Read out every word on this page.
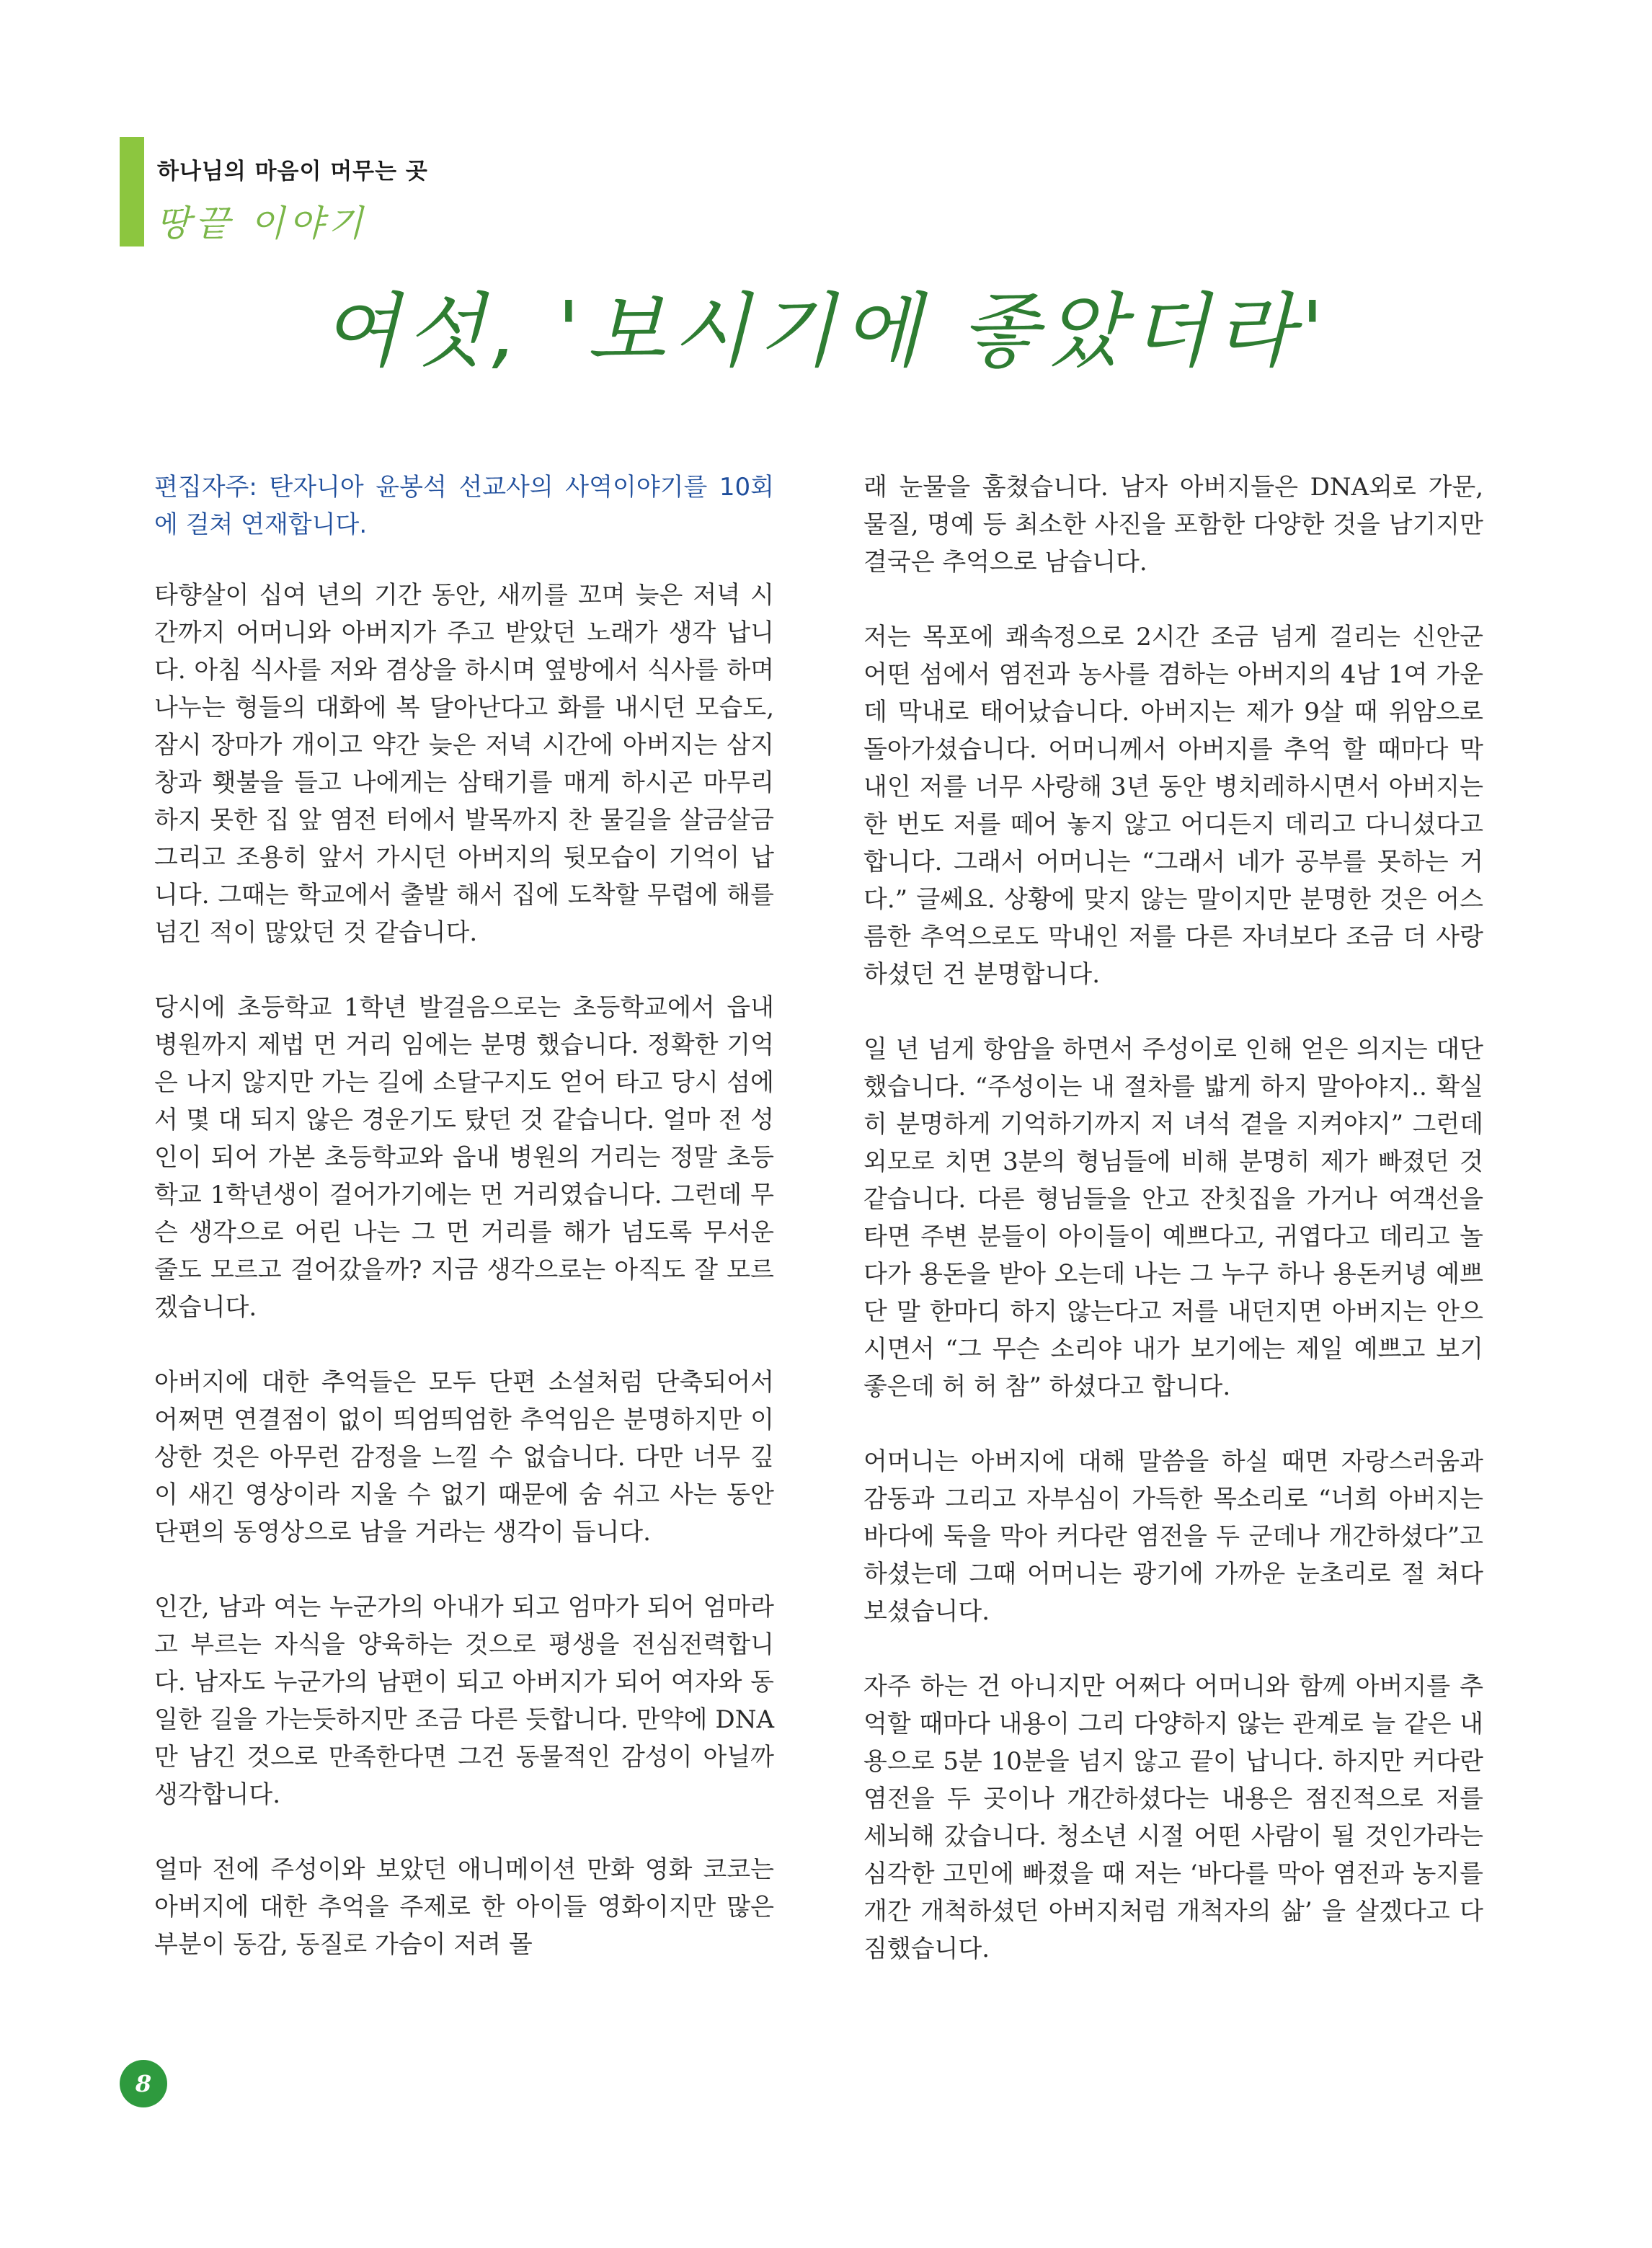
하나님의 마음이 머무는 곳
땅끝 이야기
여섯, '보시기에 좋았더라'

편집자주: 탄자니아 윤봉석 선교사의 사역이야기를 10회에 걸쳐 연재합니다.

타향살이 십여 년의 기간 동안, 새끼를 꼬며 늦은 저녁 시간까지 어머니와 아버지가 주고 받았던 노래가 생각 납니다. 아침 식사를 저와 겸상을 하시며 옆방에서 식사를 하며 나누는 형들의 대화에 복 달아난다고 화를 내시던 모습도, 잠시 장마가 개이고 약간 늦은 저녁 시간에 아버지는 삼지창과 횃불을 들고 나에게는 삼태기를 매게 하시곤 마무리하지 못한 집 앞 염전 터에서 발목까지 찬 물길을 살금살금 그리고 조용히 앞서 가시던 아버지의 뒷모습이 기억이 납니다. 그때는 학교에서 출발 해서 집에 도착할 무렵에 해를 넘긴 적이 많았던 것 같습니다.

당시에 초등학교 1학년 발걸음으로는 초등학교에서 읍내 병원까지 제법 먼 거리 임에는 분명 했습니다. 정확한 기억은 나지 않지만 가는 길에 소달구지도 얻어 타고 당시 섬에서 몇 대 되지 않은 경운기도 탔던 것 같습니다. 얼마 전 성인이 되어 가본 초등학교와 읍내 병원의 거리는 정말 초등학교 1학년생이 걸어가기에는 먼 거리였습니다. 그런데 무슨 생각으로 어린 나는 그 먼 거리를 해가 넘도록 무서운 줄도 모르고 걸어갔을까? 지금 생각으로는 아직도 잘 모르겠습니다.

아버지에 대한 추억들은 모두 단편 소설처럼 단축되어서 어쩌면 연결점이 없이 띄엄띄엄한 추억임은 분명하지만 이상한 것은 아무런 감정을 느낄 수 없습니다. 다만 너무 깊이 새긴 영상이라 지울 수 없기 때문에 숨 쉬고 사는 동안 단편의 동영상으로 남을 거라는 생각이 듭니다.

인간, 남과 여는 누군가의 아내가 되고 엄마가 되어 엄마라고 부르는 자식을 양육하는 것으로 평생을 전심전력합니다. 남자도 누군가의 남편이 되고 아버지가 되어 여자와 동일한 길을 가는듯하지만 조금 다른 듯합니다. 만약에 DNA만 남긴 것으로 만족한다면 그건 동물적인 감성이 아닐까 생각합니다.

얼마 전에 주성이와 보았던 애니메이션 만화 영화 코코는 아버지에 대한 추억을 주제로 한 아이들 영화이지만 많은 부분이 동감, 동질로 가슴이 저려 몰

래 눈물을 훔쳤습니다. 남자 아버지들은 DNA외로 가문, 물질, 명예 등 최소한 사진을 포함한 다양한 것을 남기지만 결국은 추억으로 남습니다.

저는 목포에 쾌속정으로 2시간 조금 넘게 걸리는 신안군 어떤 섬에서 염전과 농사를 겸하는 아버지의 4남 1여 가운데 막내로 태어났습니다. 아버지는 제가 9살 때 위암으로 돌아가셨습니다. 어머니께서 아버지를 추억 할 때마다 막내인 저를 너무 사랑해 3년 동안 병치레하시면서 아버지는 한 번도 저를 떼어 놓지 않고 어디든지 데리고 다니셨다고 합니다. 그래서 어머니는 “그래서 네가 공부를 못하는 거다.” 글쎄요. 상황에 맞지 않는 말이지만 분명한 것은 어스름한 추억으로도 막내인 저를 다른 자녀보다 조금 더 사랑하셨던 건 분명합니다.

일 년 넘게 항암을 하면서 주성이로 인해 얻은 의지는 대단했습니다. “주성이는 내 절차를 밟게 하지 말아야지.. 확실히 분명하게 기억하기까지 저 녀석 곁을 지켜야지” 그런데 외모로 치면 3분의 형님들에 비해 분명히 제가 빠졌던 것 같습니다. 다른 형님들을 안고 잔칫집을 가거나 여객선을 타면 주변 분들이 아이들이 예쁘다고, 귀엽다고 데리고 놀다가 용돈을 받아 오는데 나는 그 누구 하나 용돈커녕 예쁘단 말 한마디 하지 않는다고 저를 내던지면 아버지는 안으시면서 “그 무슨 소리야 내가 보기에는 제일 예쁘고 보기 좋은데 허 허 참” 하셨다고 합니다.

어머니는 아버지에 대해 말씀을 하실 때면 자랑스러움과 감동과 그리고 자부심이 가득한 목소리로 “너희 아버지는 바다에 둑을 막아 커다란 염전을 두 군데나 개간하셨다”고 하셨는데 그때 어머니는 광기에 가까운 눈초리로 절 쳐다보셨습니다.

자주 하는 건 아니지만 어쩌다 어머니와 함께 아버지를 추억할 때마다 내용이 그리 다양하지 않는 관계로 늘 같은 내용으로 5분 10분을 넘지 않고 끝이 납니다. 하지만 커다란 염전을 두 곳이나 개간하셨다는 내용은 점진적으로 저를 세뇌해 갔습니다. 청소년 시절 어떤 사람이 될 것인가라는 심각한 고민에 빠졌을 때 저는 ‘바다를 막아 염전과 농지를 개간 개척하셨던 아버지처럼 개척자의 삶’ 을 살겠다고 다짐했습니다.

8
